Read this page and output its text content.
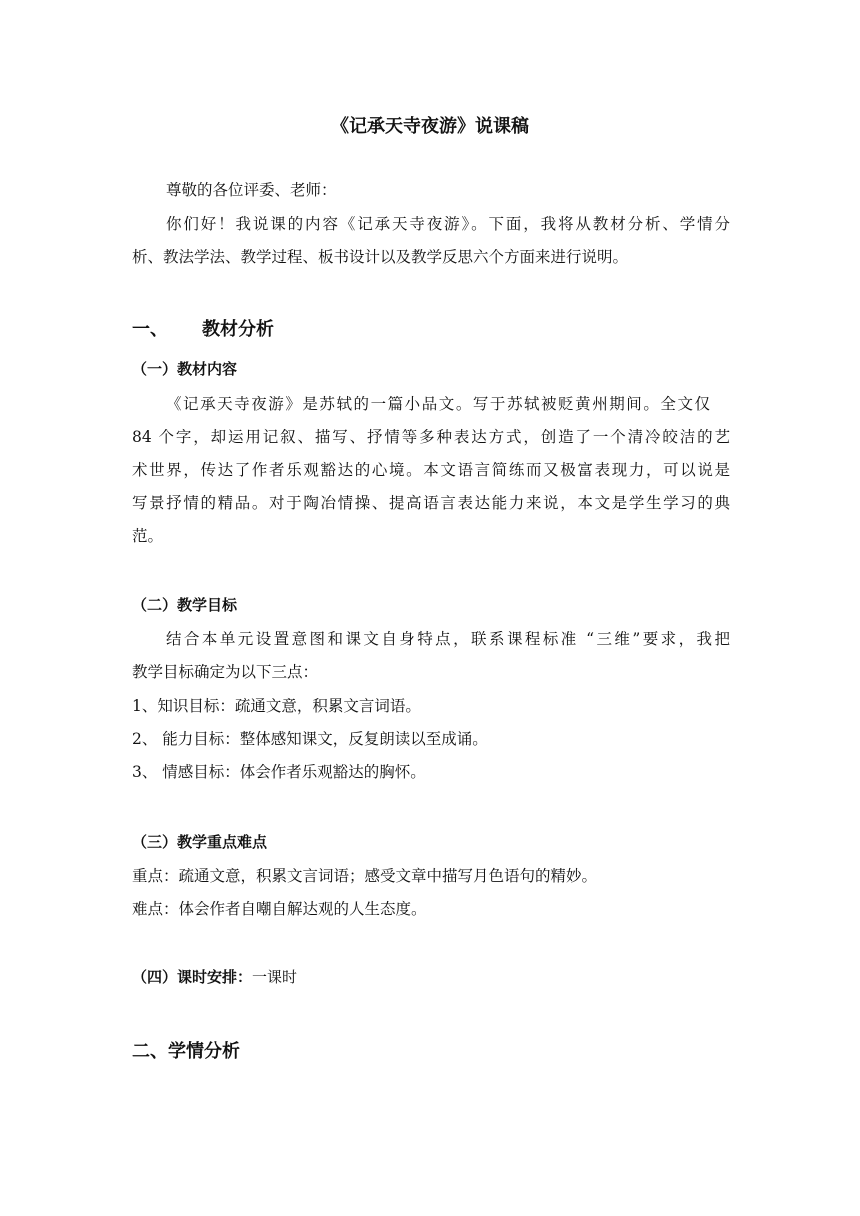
《记承天寺夜游》说课稿
尊敬的各位评委、老师：
你们好！我说课的内容《记承天寺夜游》。下面，我将从教材分析、学情分
析、教法学法、教学过程、板书设计以及教学反思六个方面来进行说明。
一、 教材分析
（一）教材内容
《记承天寺夜游》是苏轼的一篇小品文。写于苏轼被贬黄州期间。全文仅
84 个字，却运用记叙、描写、抒情等多种表达方式，创造了一个清冷皎洁的艺
术世界，传达了作者乐观豁达的心境。本文语言简练而又极富表现力，可以说是
写景抒情的精品。对于陶冶情操、提高语言表达能力来说，本文是学生学习的典
范。
（二）教学目标
结合本单元设置意图和课文自身特点，联系课程标准 “三维”要求，我把
教学目标确定为以下三点：
1、知识目标：疏通文意，积累文言词语。
2、 能力目标：整体感知课文，反复朗读以至成诵。
3、 情感目标：体会作者乐观豁达的胸怀。
（三）教学重点难点
重点：疏通文意，积累文言词语；感受文章中描写月色语句的精妙。
难点：体会作者自嘲自解达观的人生态度。
（四）课时安排：一课时
二、学情分析
